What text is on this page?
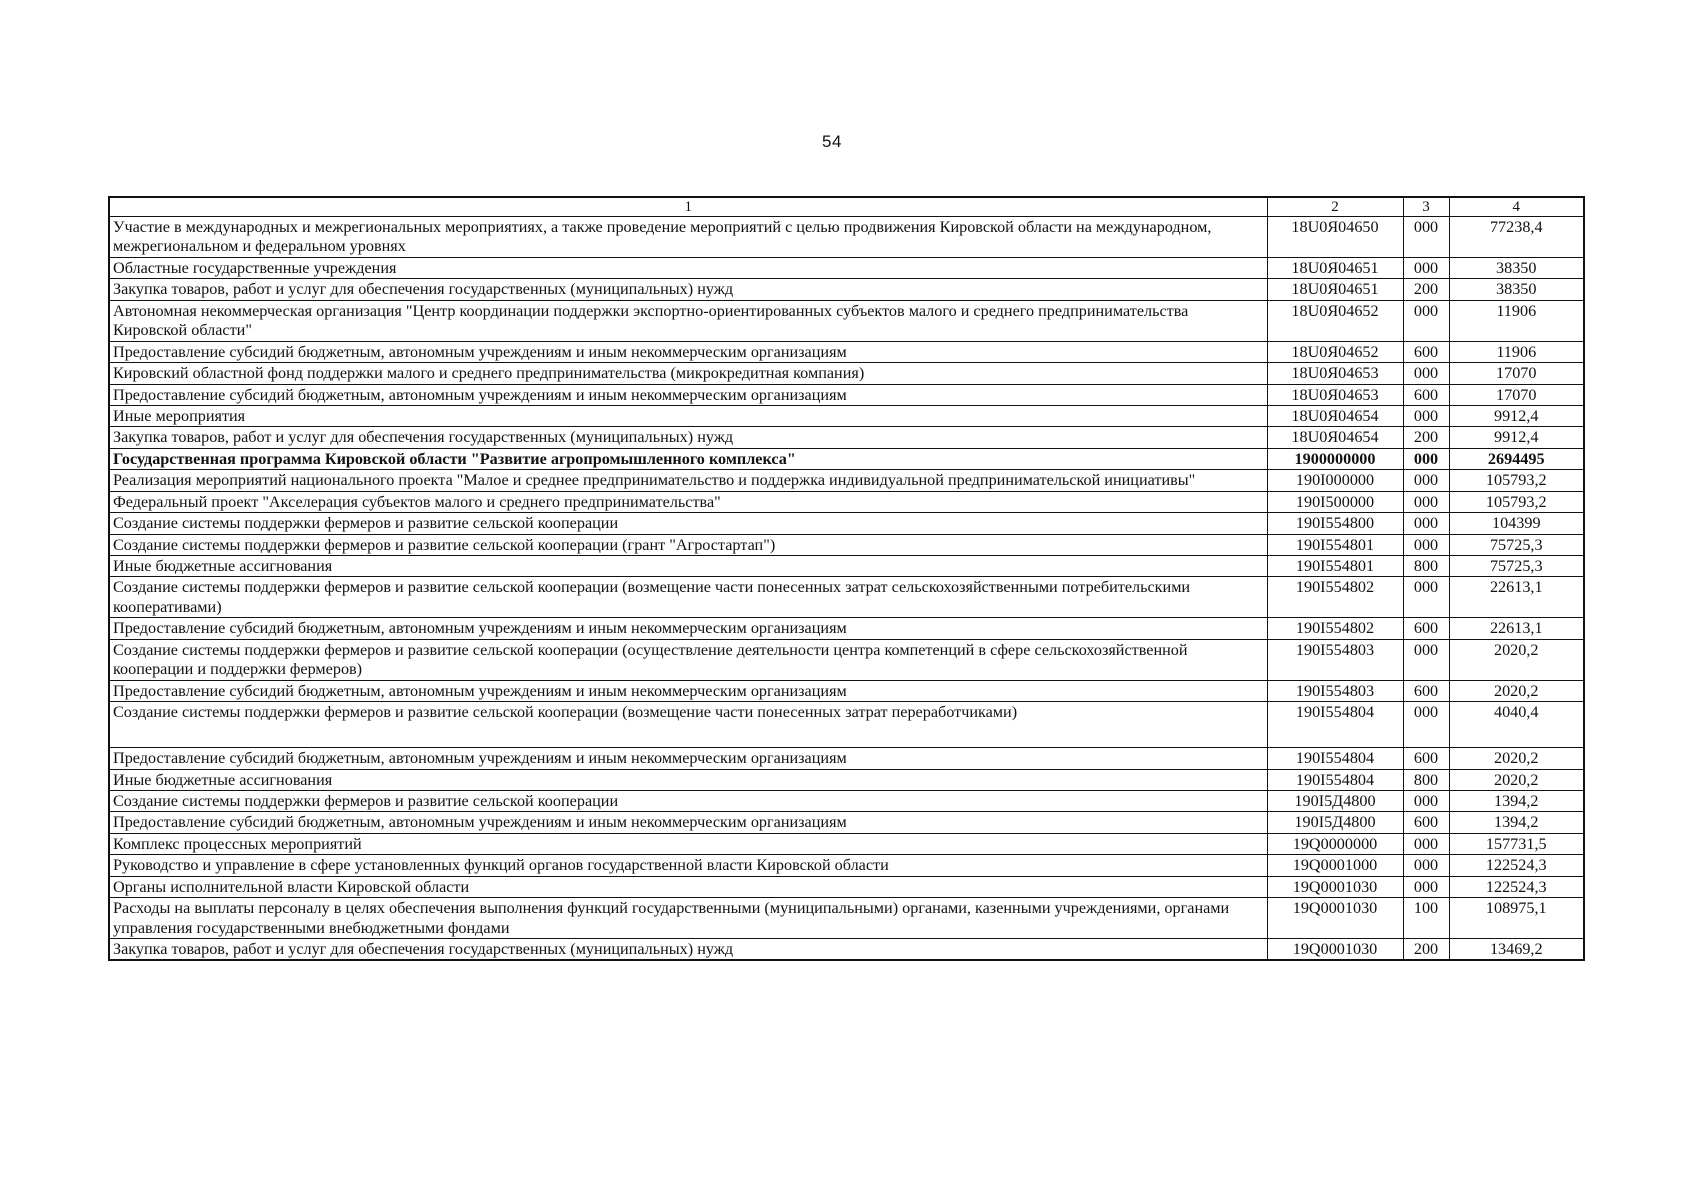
54
1	2	3	4
Участие в международных и межрегиональных мероприятиях, а также проведение мероприятий с целью продвижения Кировской области на международном, межрегиональном и федеральном уровнях	18U0Я04650	000	77238,4
Областные государственные учреждения	18U0Я04651	000	38350
Закупка товаров, работ и услуг для обеспечения государственных (муниципальных) нужд	18U0Я04651	200	38350
Автономная некоммерческая организация "Центр координации поддержки экспортно-ориентированных субъектов малого и среднего предпринимательства Кировской области"	18U0Я04652	000	11906
Предоставление субсидий бюджетным, автономным учреждениям и иным некоммерческим организациям	18U0Я04652	600	11906
Кировский областной фонд поддержки малого и среднего предпринимательства (микрокредитная компания)	18U0Я04653	000	17070
Предоставление субсидий бюджетным, автономным учреждениям и иным некоммерческим организациям	18U0Я04653	600	17070
Иные мероприятия	18U0Я04654	000	9912,4
Закупка товаров, работ и услуг для обеспечения государственных (муниципальных) нужд	18U0Я04654	200	9912,4
Государственная программа Кировской области "Развитие агропромышленного комплекса"	1900000000	000	2694495
Реализация мероприятий национального проекта "Малое и среднее предпринимательство и поддержка индивидуальной предпринимательской инициативы"	190I000000	000	105793,2
Федеральный проект "Акселерация субъектов малого и среднего предпринимательства"	190I500000	000	105793,2
Создание системы поддержки фермеров и развитие сельской кооперации	190I554800	000	104399
Создание системы поддержки фермеров и развитие сельской кооперации (грант "Агростартап")	190I554801	000	75725,3
Иные бюджетные ассигнования	190I554801	800	75725,3
Создание системы поддержки фермеров и развитие сельской кооперации (возмещение части понесенных затрат сельскохозяйственными потребительскими кооперативами)	190I554802	000	22613,1
Предоставление субсидий бюджетным, автономным учреждениям и иным некоммерческим организациям	190I554802	600	22613,1
Создание системы поддержки фермеров и развитие сельской кооперации (осуществление деятельности центра компетенций в сфере сельскохозяйственной кооперации и поддержки фермеров)	190I554803	000	2020,2
Предоставление субсидий бюджетным, автономным учреждениям и иным некоммерческим организациям	190I554803	600	2020,2
Создание системы поддержки фермеров и развитие сельской кооперации (возмещение части понесенных затрат переработчиками)	190I554804	000	4040,4
Предоставление субсидий бюджетным, автономным учреждениям и иным некоммерческим организациям	190I554804	600	2020,2
Иные бюджетные ассигнования	190I554804	800	2020,2
Создание системы поддержки фермеров и развитие сельской кооперации	190I5Д4800	000	1394,2
Предоставление субсидий бюджетным, автономным учреждениям и иным некоммерческим организациям	190I5Д4800	600	1394,2
Комплекс процессных мероприятий	19Q0000000	000	157731,5
Руководство и управление в сфере установленных функций органов государственной власти Кировской области	19Q0001000	000	122524,3
Органы исполнительной власти Кировской области	19Q0001030	000	122524,3
Расходы на выплаты персоналу в целях обеспечения выполнения функций государственными (муниципальными) органами, казенными учреждениями, органами управления государственными внебюджетными фондами	19Q0001030	100	108975,1
Закупка товаров, работ и услуг для обеспечения государственных (муниципальных) нужд	19Q0001030	200	13469,2
